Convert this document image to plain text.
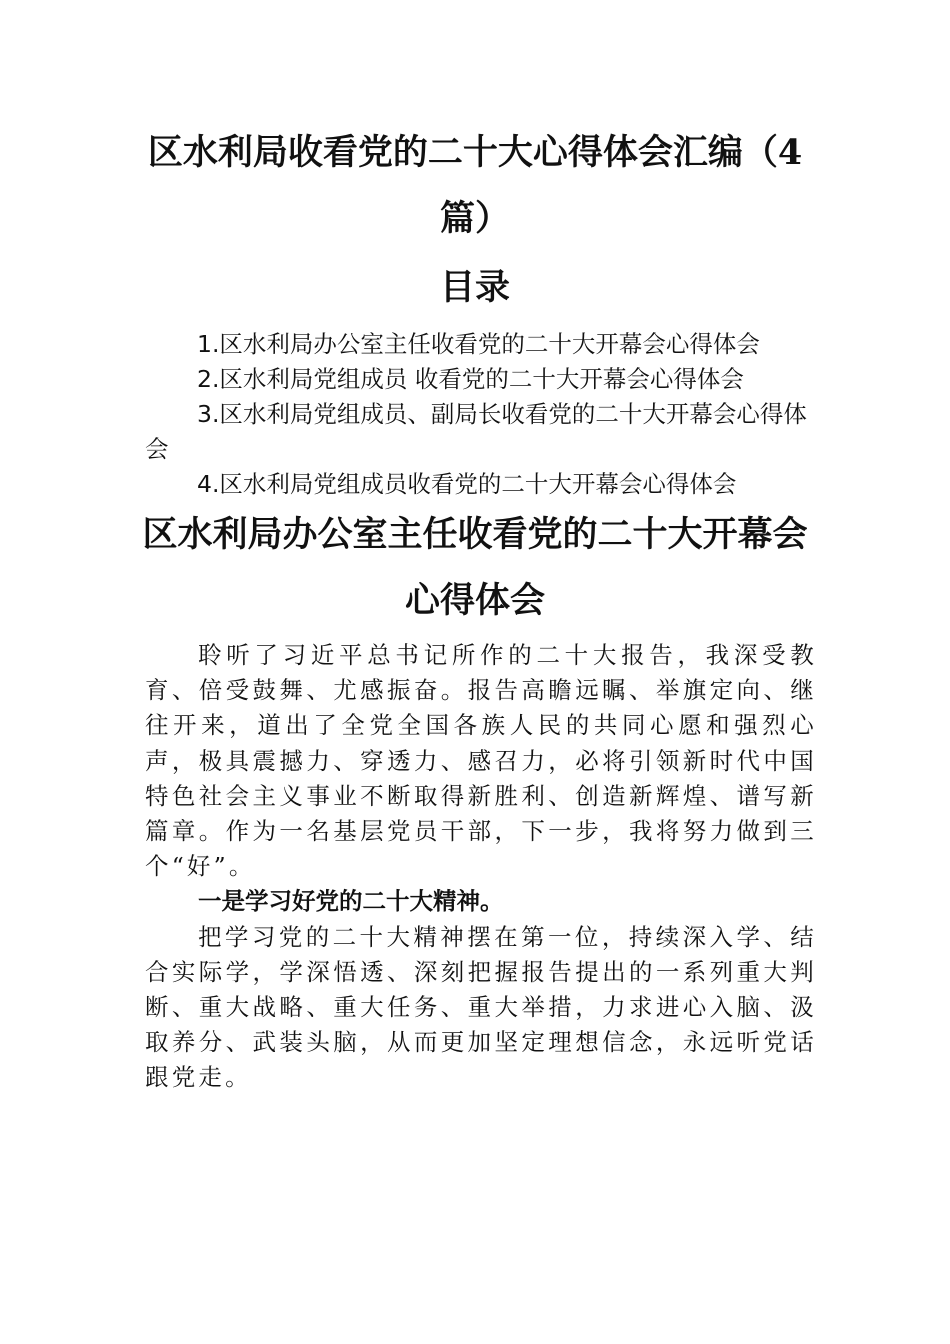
区水利局收看党的二十大心得体会汇编（4篇）
目录
1.区水利局办公室主任收看党的二十大开幕会心得体会
2.区水利局党组成员 收看党的二十大开幕会心得体会
3.区水利局党组成员、副局长收看党的二十大开幕会心得体会
4.区水利局党组成员收看党的二十大开幕会心得体会
区水利局办公室主任收看党的二十大开幕会心得体会

聆听了习近平总书记所作的二十大报告，我深受教育、倍受鼓舞、尤感振奋。报告高瞻远瞩、举旗定向、继往开来，道出了全党全国各族人民的共同心愿和强烈心声，极具震撼力、穿透力、感召力，必将引领新时代中国特色社会主义事业不断取得新胜利、创造新辉煌、谱写新篇章。作为一名基层党员干部，下一步，我将努力做到三个“好”。

一是学习好党的二十大精神。

把学习党的二十大精神摆在第一位，持续深入学、结合实际学，学深悟透、深刻把握报告提出的一系列重大判断、重大战略、重大任务、重大举措，力求进心入脑、汲取养分、武装头脑，从而更加坚定理想信念，永远听党话跟党走。
